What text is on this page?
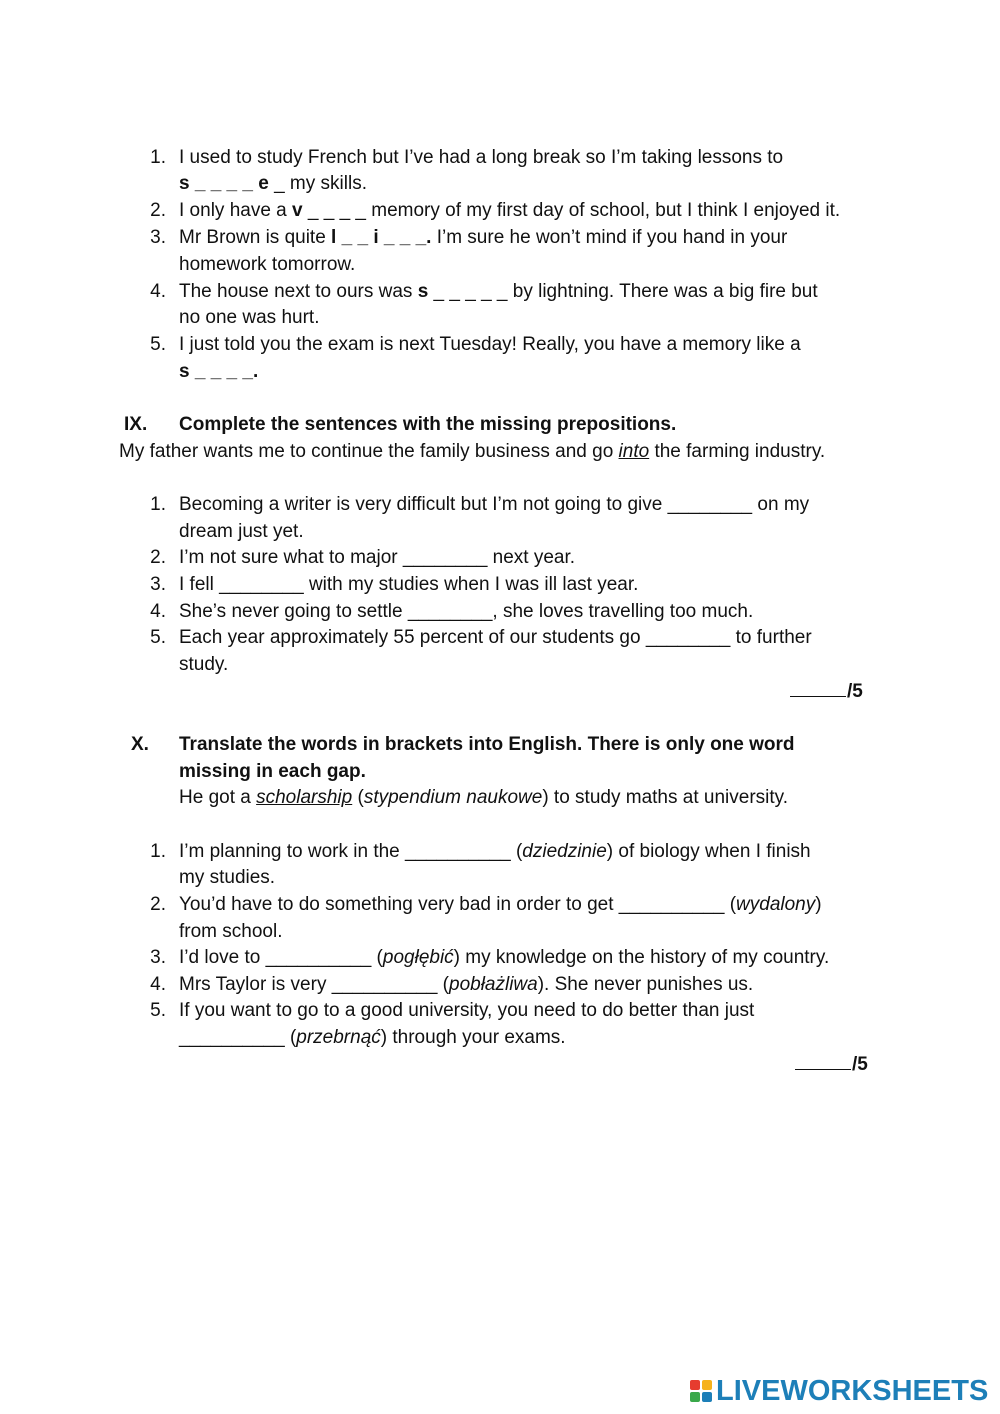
1. I used to study French but I’ve had a long break so I’m taking lessons to
s _ _ _ _ e _ my skills.
2. I only have a v _ _ _ _ memory of my first day of school, but I think I enjoyed it.
3. Mr Brown is quite l _ _ i _ _ _. I’m sure he won’t mind if you hand in your
homework tomorrow.
4. The house next to ours was s _ _ _ _ _ by lightning. There was a big fire but
no one was hurt.
5. I just told you the exam is next Tuesday! Really, you have a memory like a
s _ _ _ _.
IX. Complete the sentences with the missing prepositions.
My father wants me to continue the family business and go into the farming industry.
1. Becoming a writer is very difficult but I’m not going to give ________ on my
dream just yet.
2. I’m not sure what to major ________ next year.
3. I fell ________ with my studies when I was ill last year.
4. She’s never going to settle ________, she loves travelling too much.
5. Each year approximately 55 percent of our students go ________ to further
study.
/5
X. Translate the words in brackets into English. There is only one word
missing in each gap.
He got a scholarship (stypendium naukowe) to study maths at university.
1. I’m planning to work in the __________ (dziedzinie) of biology when I finish
my studies.
2. You’d have to do something very bad in order to get __________ (wydalony)
from school.
3. I’d love to __________ (pogłębić) my knowledge on the history of my country.
4. Mrs Taylor is very __________ (pobłażliwa). She never punishes us.
5. If you want to go to a good university, you need to do better than just
__________ (przebrnąć) through your exams.
/5
LIVEWORKSHEETS
